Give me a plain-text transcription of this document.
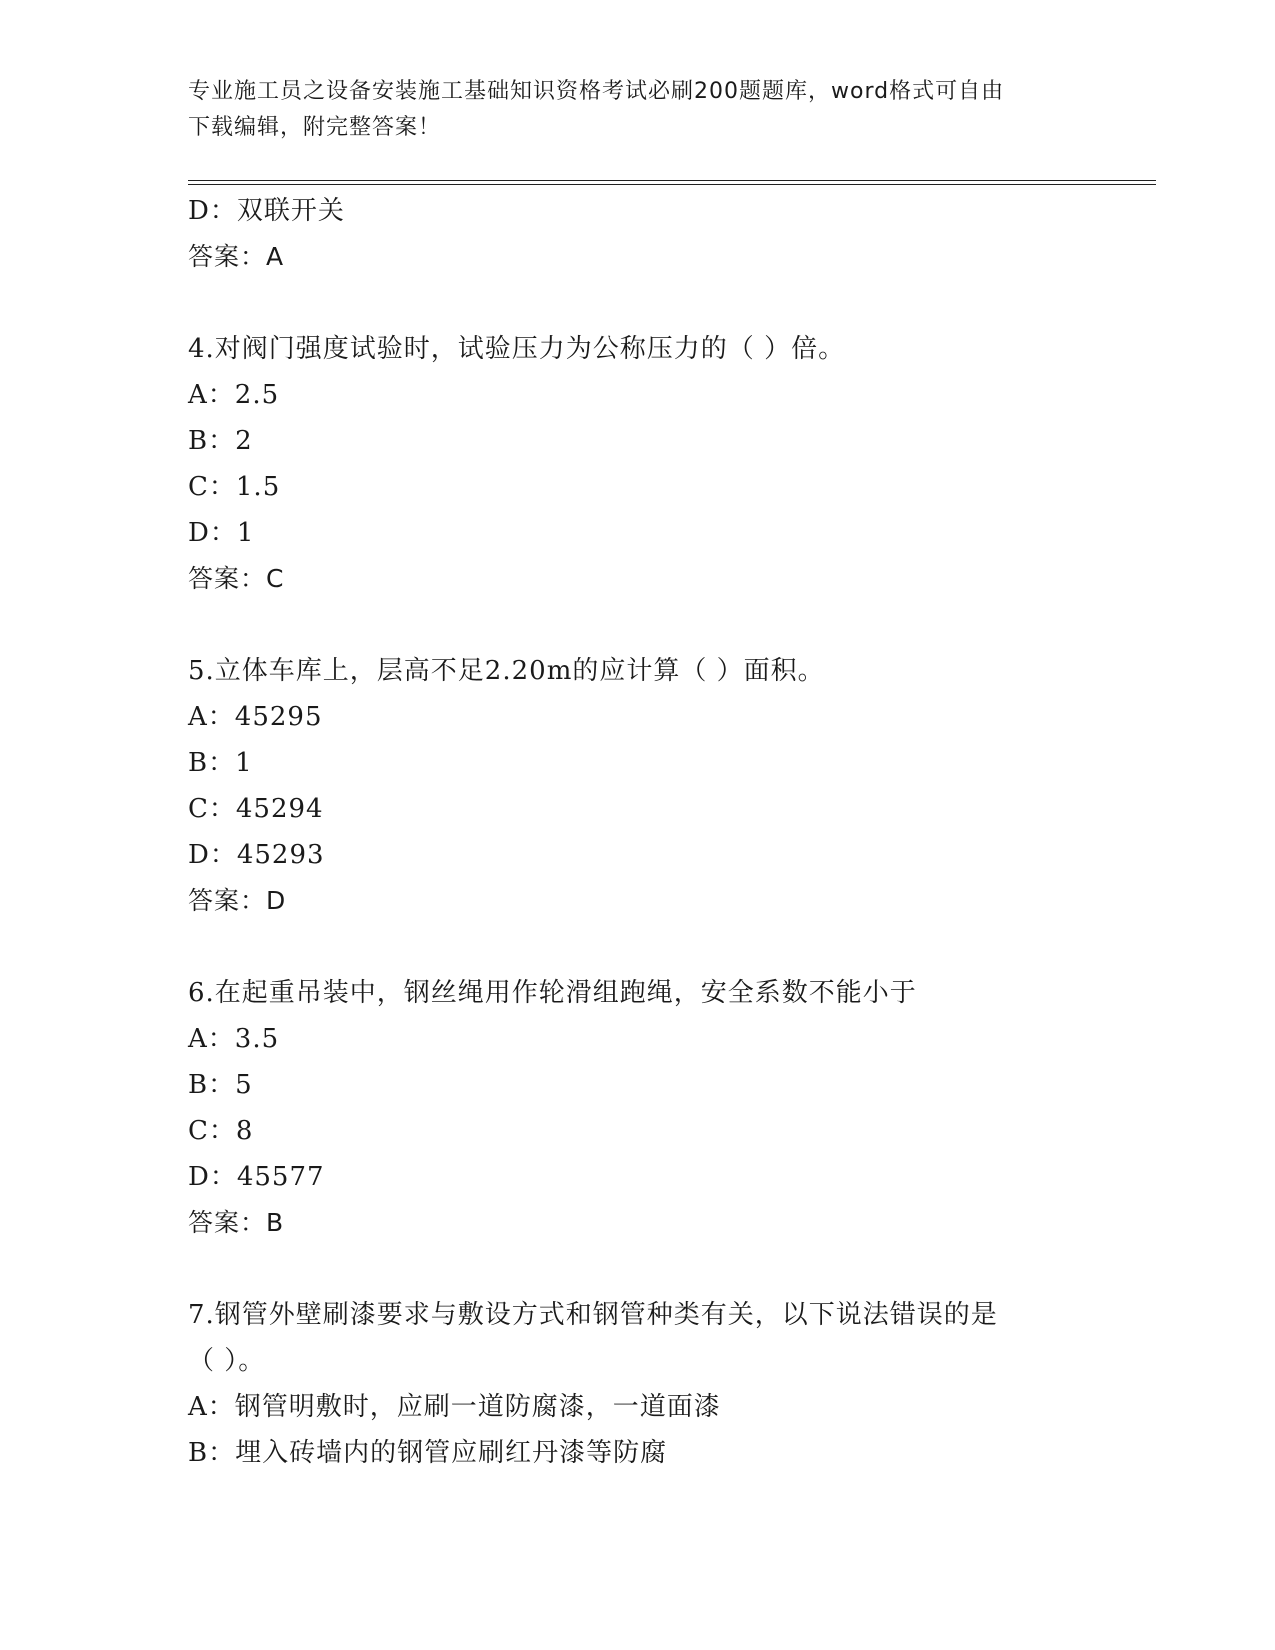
专业施工员之设备安装施工基础知识资格考试必刷200题题库，word格式可自由
下载编辑，附完整答案！
D：双联开关
答案：A
4.对阀门强度试验时，试验压力为公称压力的（ ）倍。
A：2.5
B：2
C：1.5
D：1
答案：C
5.立体车库上，层高不足2.20m的应计算（ ）面积。
A：45295
B：1
C：45294
D：45293
答案：D
6.在起重吊装中，钢丝绳用作轮滑组跑绳，安全系数不能小于
A：3.5
B：5
C：8
D：45577
答案：B
7.钢管外壁刷漆要求与敷设方式和钢管种类有关，以下说法错误的是
（ ）。
A：钢管明敷时，应刷一道防腐漆，一道面漆
B：埋入砖墙内的钢管应刷红丹漆等防腐
